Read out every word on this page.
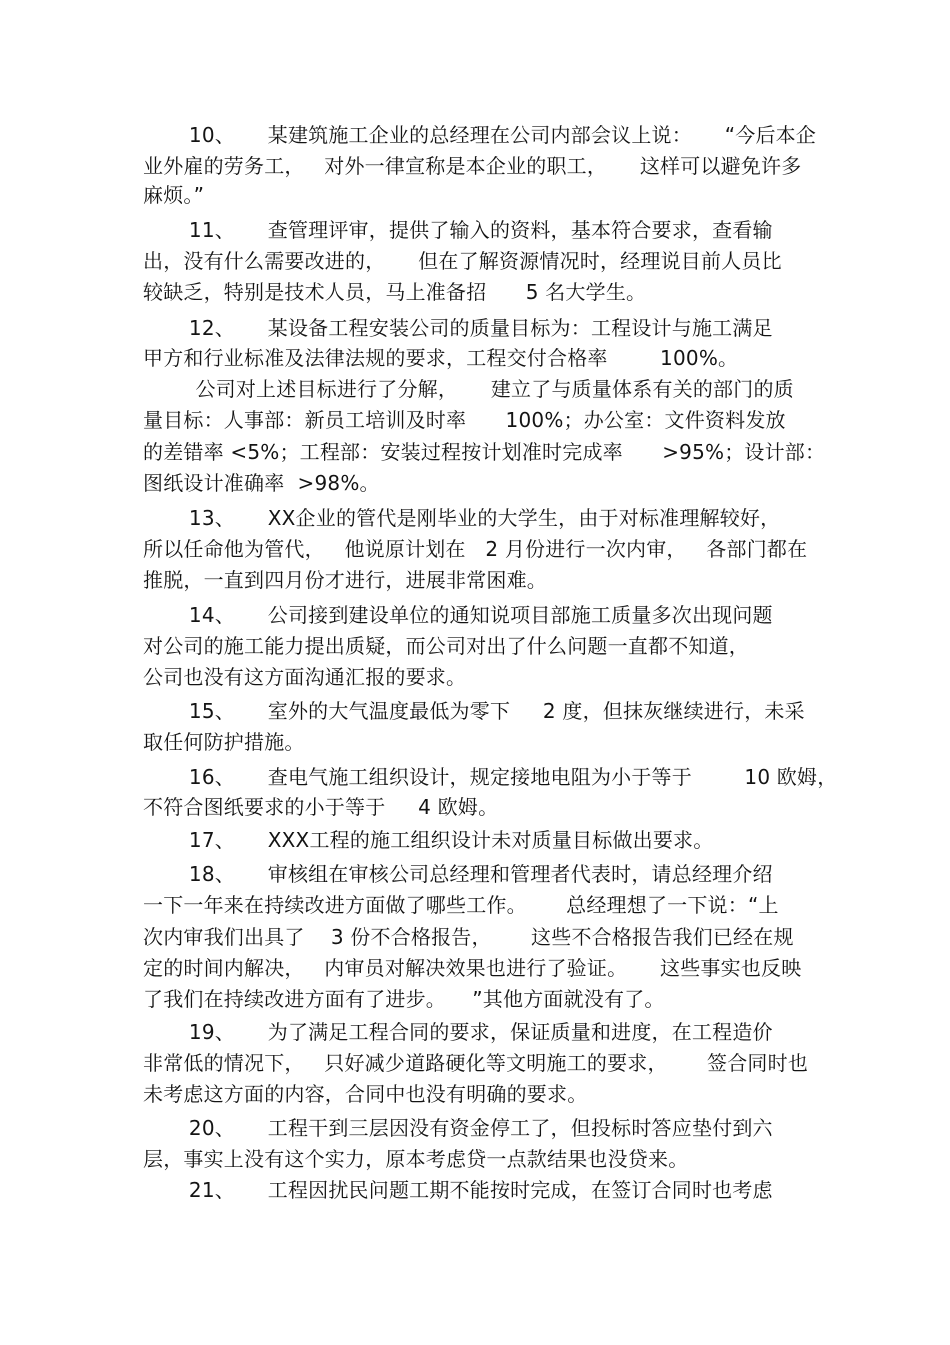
10、     某建筑施工企业的总经理在公司内部会议上说：     “今后本企
业外雇的劳务工，   对外一律宣称是本企业的职工，     这样可以避免许多
麻烦。”
11、     查管理评审，提供了输入的资料，基本符合要求，查看输
出，没有什么需要改进的，     但在了解资源情况时，经理说目前人员比
较缺乏，特别是技术人员，马上准备招      5 名大学生。
12、     某设备工程安装公司的质量目标为：工程设计与施工满足
甲方和行业标准及法律法规的要求，工程交付合格率        100%。
公司对上述目标进行了分解，     建立了与质量体系有关的部门的质
量目标：人事部：新员工培训及时率      100%；办公室：文件资料发放
的差错率 <5%；工程部：安装过程按计划准时完成率      >95%；设计部：
图纸设计准确率  >98%。
13、     XX企业的管代是刚毕业的大学生，由于对标准理解较好，
所以任命他为管代，   他说原计划在   2 月份进行一次内审，   各部门都在
推脱，一直到四月份才进行，进展非常困难。
14、     公司接到建设单位的通知说项目部施工质量多次出现问题
对公司的施工能力提出质疑，而公司对出了什么问题一直都不知道，
公司也没有这方面沟通汇报的要求。
15、     室外的大气温度最低为零下     2 度，但抹灰继续进行，未采
取任何防护措施。
16、     查电气施工组织设计，规定接地电阻为小于等于        10 欧姆，
不符合图纸要求的小于等于     4 欧姆。
17、     XXX工程的施工组织设计未对质量目标做出要求。
18、     审核组在审核公司总经理和管理者代表时，请总经理介绍
一下一年来在持续改进方面做了哪些工作。      总经理想了一下说：“上
次内审我们出具了    3 份不合格报告，      这些不合格报告我们已经在规
定的时间内解决，   内审员对解决效果也进行了验证。     这些事实也反映
了我们在持续改进方面有了进步。    ”其他方面就没有了。
19、     为了满足工程合同的要求，保证质量和进度，在工程造价
非常低的情况下，   只好减少道路硬化等文明施工的要求，      签合同时也
未考虑这方面的内容，合同中也没有明确的要求。
20、     工程干到三层因没有资金停工了，但投标时答应垫付到六
层，事实上没有这个实力，原本考虑贷一点款结果也没贷来。
21、     工程因扰民问题工期不能按时完成，在签订合同时也考虑
